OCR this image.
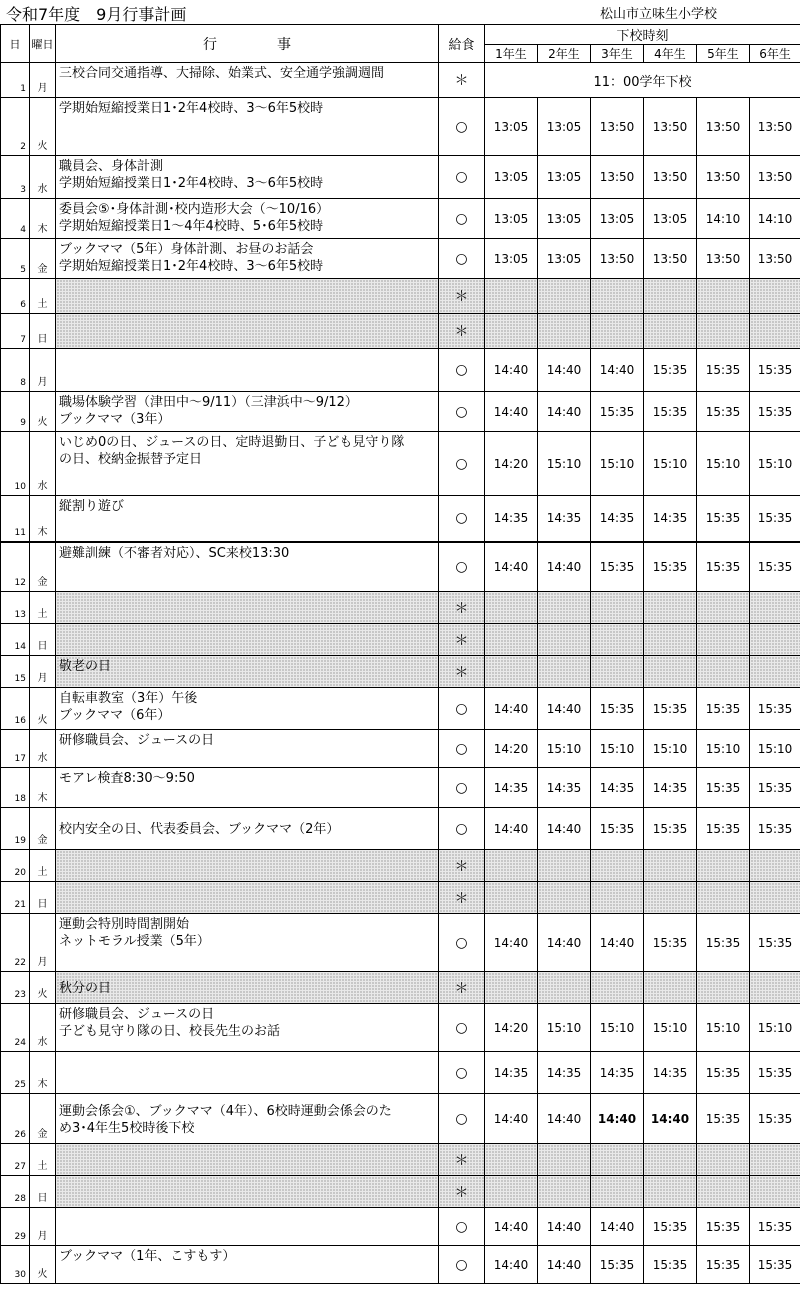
令和7年度　9月行事計画	松山市立味生小学校
日	曜日	行事	給食	下校時刻					
				1年生	2年生	3年生	4年生	5年生	6年生
1	月	三校合同交通指導、大掃除、始業式、安全通学強調週間	＊	11：00学年下校					
2	火	学期始短縮授業日1･2年4校時、3～6年5校時	○	13:05	13:05	13:50	13:50	13:50	13:50
3	水	職員会、身体計測
学期始短縮授業日1･2年4校時、3～6年5校時	○	13:05	13:05	13:50	13:50	13:50	13:50
4	木	委員会⑤･身体計測･校内造形大会（～10/16）
学期始短縮授業日1～4年4校時、5･6年5校時	○	13:05	13:05	13:05	13:05	14:10	14:10
5	金	ブックママ（5年）身体計測、お昼のお話会
学期始短縮授業日1･2年4校時、3～6年5校時	○	13:05	13:05	13:50	13:50	13:50	13:50
6	土		＊						
7	日		＊						
8	月		○	14:40	14:40	14:40	15:35	15:35	15:35
9	火	職場体験学習（津田中～9/11）（三津浜中～9/12）
ブックママ（3年）	○	14:40	14:40	15:35	15:35	15:35	15:35
10	水	いじめ0の日、ジュースの日、定時退勤日、子ども見守り隊
の日、校納金振替予定日	○	14:20	15:10	15:10	15:10	15:10	15:10
11	木	縦割り遊び	○	14:35	14:35	14:35	14:35	15:35	15:35
12	金	避難訓練（不審者対応）、SC来校13:30	○	14:40	14:40	15:35	15:35	15:35	15:35
13	土		＊						
14	日		＊						
15	月	敬老の日	＊						
16	火	自転車教室（3年）午後
ブックママ（6年）	○	14:40	14:40	15:35	15:35	15:35	15:35
17	水	研修職員会、ジュースの日	○	14:20	15:10	15:10	15:10	15:10	15:10
18	木	モアレ検査8:30～9:50	○	14:35	14:35	14:35	14:35	15:35	15:35
19	金	校内安全の日、代表委員会、ブックママ（2年）	○	14:40	14:40	15:35	15:35	15:35	15:35
20	土		＊						
21	日		＊						
22	月	運動会特別時間割開始
ネットモラル授業（5年）	○	14:40	14:40	14:40	15:35	15:35	15:35
23	火	秋分の日	＊						
24	水	研修職員会、ジュースの日
子ども見守り隊の日、校長先生のお話	○	14:20	15:10	15:10	15:10	15:10	15:10
25	木		○	14:35	14:35	14:35	14:35	15:35	15:35
26	金	運動会係会①、ブックママ（4年）、6校時運動会係会のた
め3･4年生5校時後下校	○	14:40	14:40	14:40	14:40	15:35	15:35
27	土		＊						
28	日		＊						
29	月		○	14:40	14:40	14:40	15:35	15:35	15:35
30	火	ブックママ（1年、こすもす）	○	14:40	14:40	15:35	15:35	15:35	15:35
